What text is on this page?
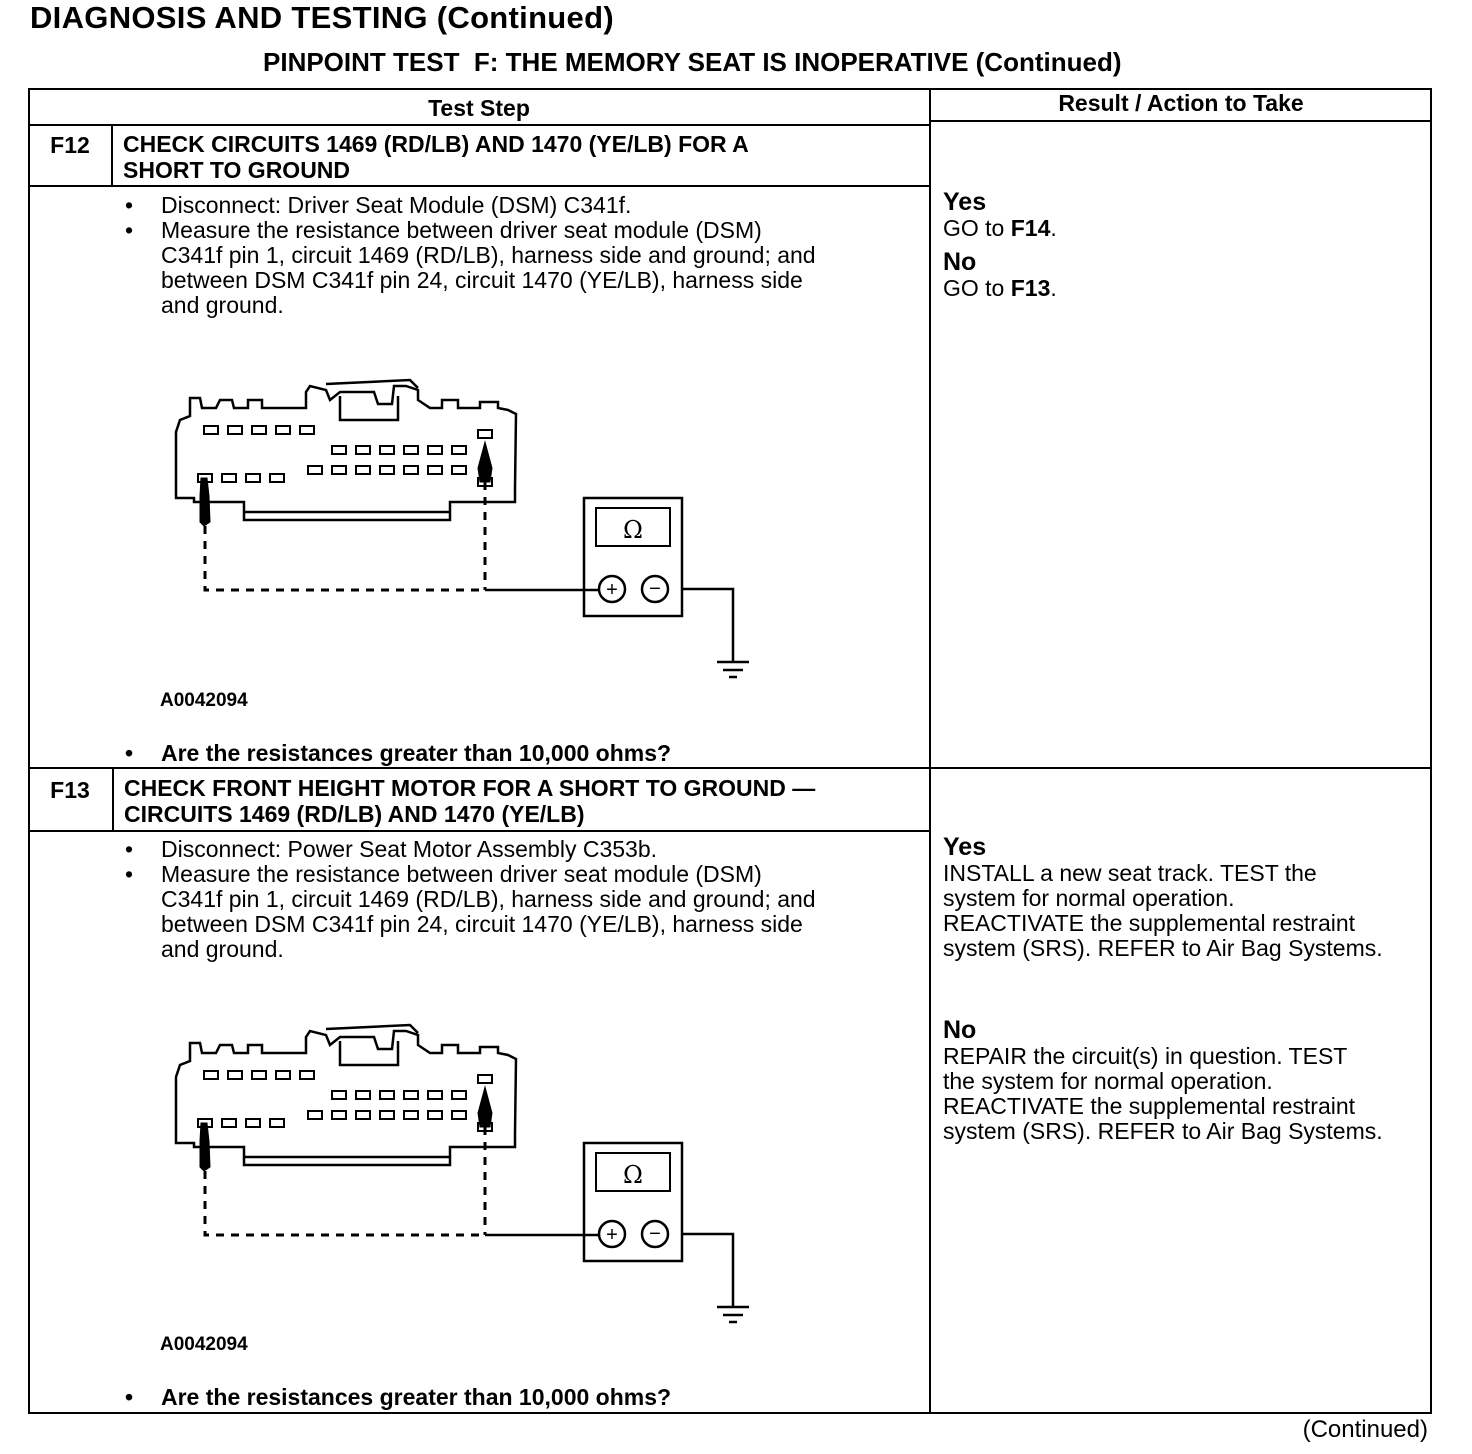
DIAGNOSIS AND TESTING (Continued)
PINPOINT TEST  F: THE MEMORY SEAT IS INOPERATIVE (Continued)
Test Step	Result / Action to Take
F12	CHECK CIRCUITS 1469 (RD/LB) AND 1470 (YE/LB) FOR A
SHORT TO GROUND
• Disconnect: Driver Seat Module (DSM) C341f.
• Measure the resistance between driver seat module (DSM)
C341f pin 1, circuit 1469 (RD/LB), harness side and ground; and
between DSM C341f pin 24, circuit 1470 (YE/LB), harness side
and ground.
Ω
+ −
A0042094
• Are the resistances greater than 10,000 ohms?
Yes
GO to F14.
No
GO to F13.
F13	CHECK FRONT HEIGHT MOTOR FOR A SHORT TO GROUND —
CIRCUITS 1469 (RD/LB) AND 1470 (YE/LB)
• Disconnect: Power Seat Motor Assembly C353b.
• Measure the resistance between driver seat module (DSM)
C341f pin 1, circuit 1469 (RD/LB), harness side and ground; and
between DSM C341f pin 24, circuit 1470 (YE/LB), harness side
and ground.
Ω
+ −
A0042094
• Are the resistances greater than 10,000 ohms?
Yes
INSTALL a new seat track. TEST the
system for normal operation.
REACTIVATE the supplemental restraint
system (SRS). REFER to Air Bag Systems.
No
REPAIR the circuit(s) in question. TEST
the system for normal operation.
REACTIVATE the supplemental restraint
system (SRS). REFER to Air Bag Systems.
(Continued)
